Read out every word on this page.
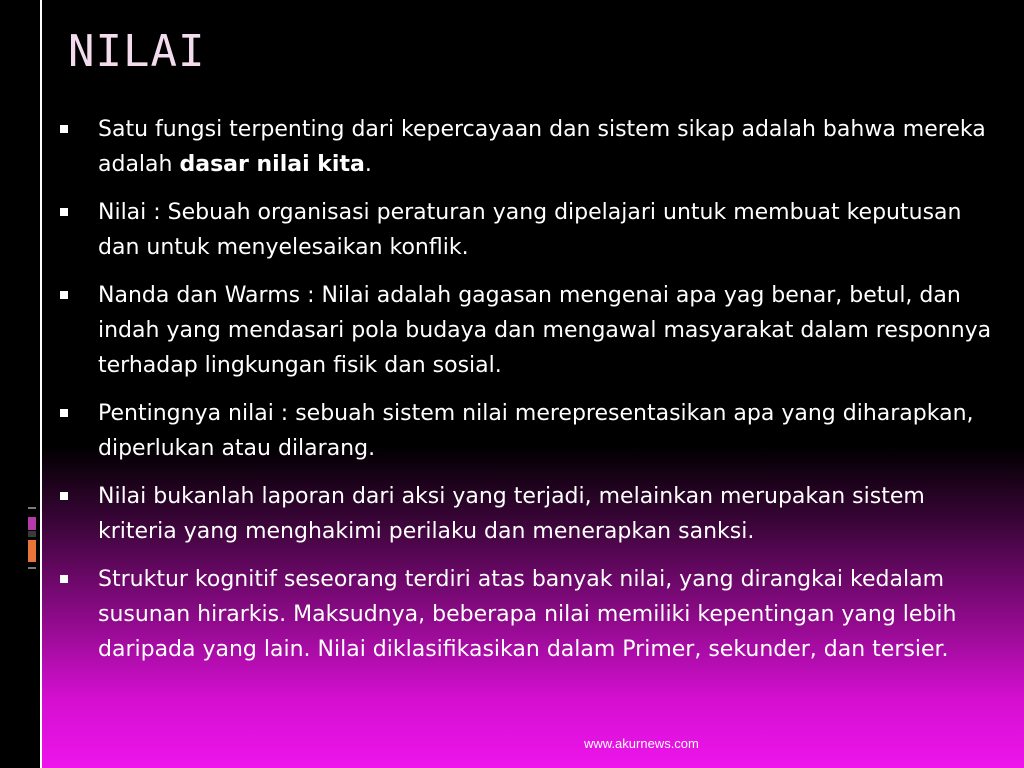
NILAI
Satu fungsi terpenting dari kepercayaan dan sistem sikap adalah bahwa mereka adalah dasar nilai kita.
Nilai : Sebuah organisasi peraturan yang dipelajari untuk membuat keputusan dan untuk menyelesaikan konflik.
Nanda dan Warms : Nilai adalah gagasan mengenai apa yag benar, betul, dan indah yang mendasari pola budaya dan mengawal masyarakat dalam responnya terhadap lingkungan fisik dan sosial.
Pentingnya nilai : sebuah sistem nilai merepresentasikan apa yang diharapkan, diperlukan atau dilarang.
Nilai bukanlah laporan dari aksi yang terjadi, melainkan merupakan sistem kriteria yang menghakimi perilaku dan menerapkan sanksi.
Struktur kognitif seseorang terdiri atas banyak nilai, yang dirangkai kedalam susunan hirarkis. Maksudnya, beberapa nilai memiliki kepentingan yang lebih daripada yang lain. Nilai diklasifikasikan dalam Primer, sekunder, dan tersier.
www.akurnews.com
